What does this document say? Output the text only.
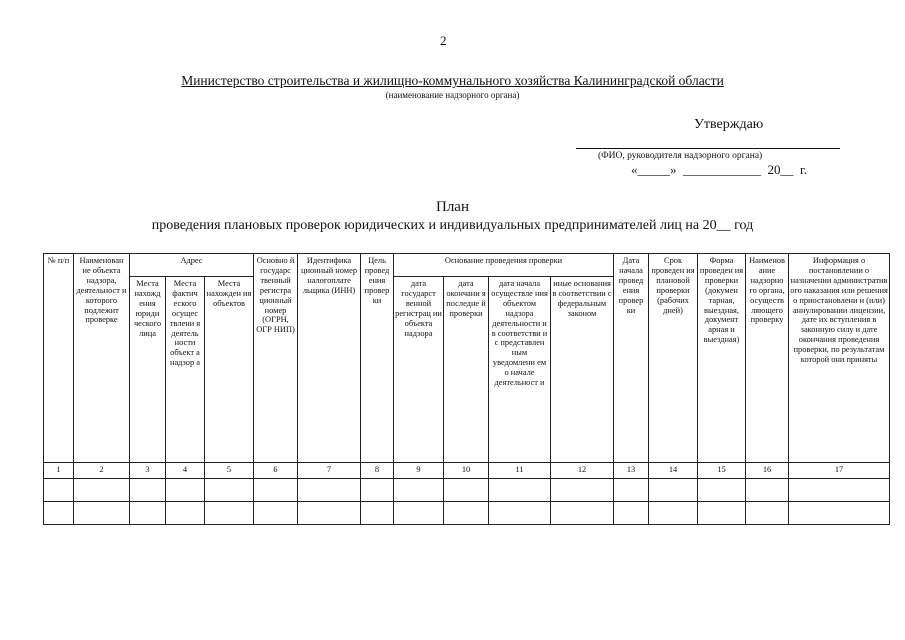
2
Министерство строительства и жилищно-коммунального хозяйства Калининградской области
(наименование надзорного органа)
Утверждаю
(ФИО, руководителя надзорного органа)
«_____»  ____________  20__  г.
План
проведения плановых проверок юридических и индивидуальных предпринимателей лиц на 20__ год
№ п/п	Наименован ие объекта надзора, деятельност и которого подлежит проверке	Адрес			Основно й государс твенный регистра ционный номер (ОГРН, ОГР НИП)	Идентифика ционный номер налогоплате льщика (ИНН)	Цель провед ения провер ки	Основание проведения проверки				Дата начала провед ения провер ки	Срок проведен ия плановой проверки (рабочих дней)	Форма проведен ия проверки (докумен тарная, выездная, документ арная и выездная)	Наименов ание надзорно го органа, осуществ ляющего проверку	Информация о постановлении о назначении административ ого наказания или решения о приостановлени и (или) аннулировании лицензии, дате их вступления в законную силу и дате окончания проведения проверки, по результатам которой они приняты
		Места нахожд ения юриди ческого лица	Места фактич еского осущес твлени я деятель ности объект а надзор а	Места нахожден ия объектов				дата государст венной регистрац ии объекта надзора	дата окончани я последне й проверки	дата начала осуществле ния объектом надзора деятельности и в соответстви и с представлен ным уведомлени ем о начале деятельност и	иные основания в соответствии с федеральным законом					
1	2	3	4	5	6	7	8	9	10	11	12	13	14	15	16	17
